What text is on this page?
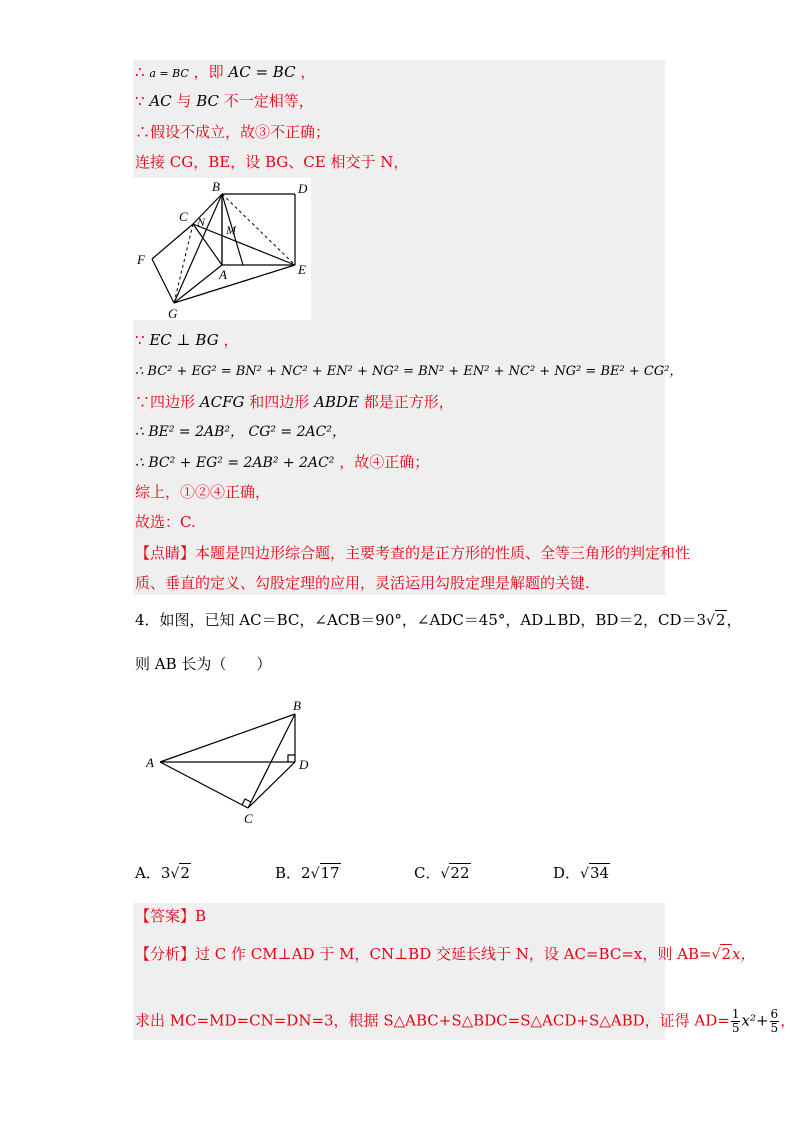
∴ a = BC ，即 AC = BC ，
∵ AC 与 BC 不一定相等，
∴假设不成立，故③不正确；
连接 CG，BE，设 BG、CE 相交于 N，
B	D
C N
M
F
A	E
G
∵ EC ⊥ BG ，
∴ BC² + EG² = BN² + NC² + EN² + NG² = BN² + EN² + NC² + NG² = BE² + CG²，
∵四边形 ACFG 和四边形 ABDE 都是正方形，
∴ BE² = 2AB²， CG² = 2AC²，
∴ BC² + EG² = 2AB² + 2AC² ，故④正确；
综上，①②④正确，
故选：C.
【点睛】本题是四边形综合题，主要考查的是正方形的性质、全等三角形的判定和性
质、垂直的定义、勾股定理的应用，灵活运用勾股定理是解题的关键.
4．如图，已知 AC＝BC，∠ACB＝90°，∠ADC＝45°，AD⊥BD，BD＝2，CD＝3√2，
则 AB 长为（　　）
B
A	D
C
A．3√2	B．2√17	C．√22	D．√34
【答案】B
【分析】过 C 作 CM⊥AD 于 M，CN⊥BD 交延长线于 N，设 AC=BC=x，则 AB=√2x，
求出 MC=MD=CN=DN=3，根据 S△ABC+S△BDC=S△ACD+S△ABD，证得 $AD= \frac{1}{5} x^2+ \frac{6}{5}$ ，
